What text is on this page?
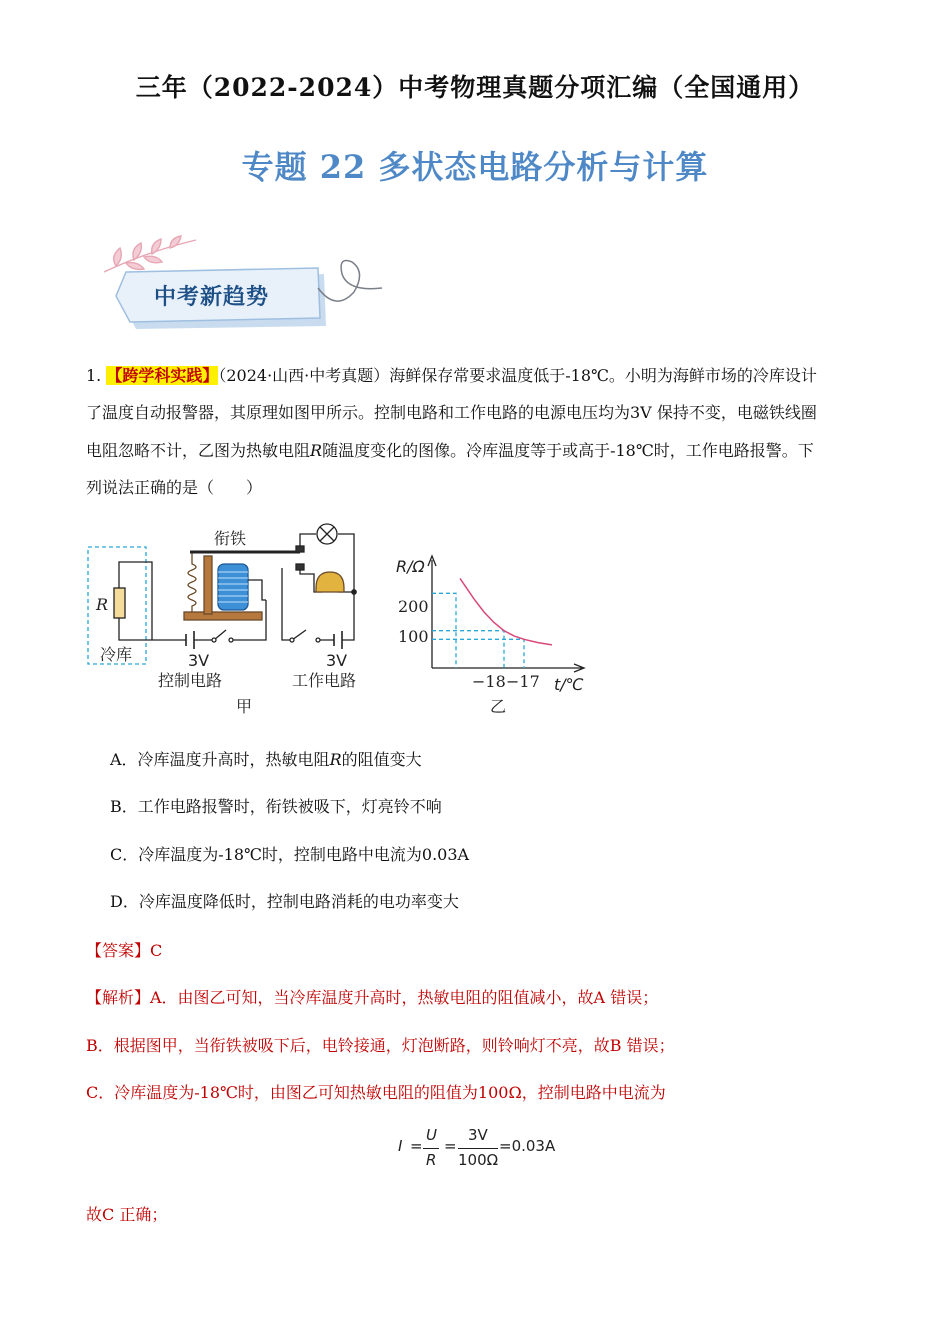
三年（2022-2024）中考物理真题分项汇编（全国通用）
专题 22 多状态电路分析与计算
中考新趋势
1. 【跨学科实践】（2024·山西·中考真题）海鲜保存常要求温度低于-18℃。小明为海鲜市场的冷库设计
了温度自动报警器，其原理如图甲所示。控制电路和工作电路的电源电压均为3V 保持不变，电磁铁线圈
电阻忽略不计，乙图为热敏电阻R随温度变化的图像。冷库温度等于或高于-18℃时，工作电路报警。下
列说法正确的是（　　）
R
冷库
衔铁
3V
控制电路
3V
工作电路
甲
R/Ω
t/℃
200
100
−18 −17
乙
A．冷库温度升高时，热敏电阻R的阻值变大
B．工作电路报警时，衔铁被吸下，灯亮铃不响
C．冷库温度为-18℃时，控制电路中电流为0.03A
D．冷库温度降低时，控制电路消耗的电功率变大
【答案】C
【解析】A．由图乙可知，当冷库温度升高时，热敏电阻的阻值减小，故A 错误；
B．根据图甲，当衔铁被吸下后，电铃接通，灯泡断路，则铃响灯不亮，故B 错误；
C．冷库温度为-18℃时，由图乙可知热敏电阻的阻值为100Ω，控制电路中电流为
I =
U
R
=
3V
100Ω
=0.03A
故C 正确；
